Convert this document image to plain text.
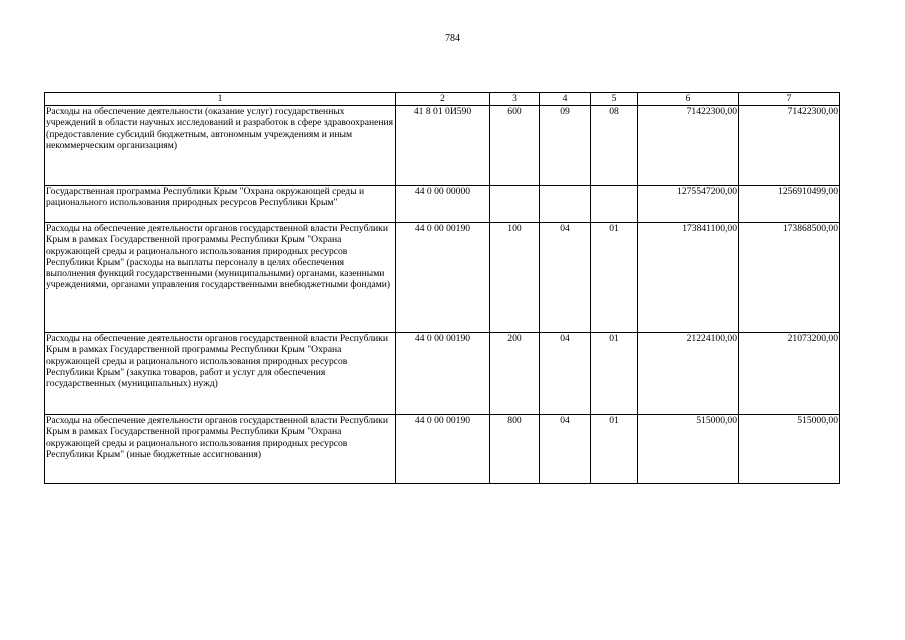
784
1	2	3	4	5	6	7
Расходы на обеспечение деятельности (оказание услуг) государственных учреждений в области научных исследований и разработок в сфере здравоохранения (предоставление субсидий бюджетным, автономным учреждениям и иным некоммерческим организациям)	41 8 01 0И590	600	09	08	71422300,00	71422300,00
Государственная программа Республики Крым "Охрана окружающей среды и рационального использования природных ресурсов Республики Крым"	44 0 00 00000				1275547200,00	1256910499,00
Расходы на обеспечение деятельности органов государственной власти Республики Крым в рамках Государственной программы Республики Крым "Охрана окружающей среды и рационального использования природных ресурсов Республики Крым" (расходы на выплаты персоналу в целях обеспечения выполнения функций государственными (муниципальными) органами, казенными учреждениями, органами управления государственными внебюджетными фондами)	44 0 00 00190	100	04	01	173841100,00	173868500,00
Расходы на обеспечение деятельности органов государственной власти Республики Крым в рамках Государственной программы Республики Крым "Охрана окружающей среды и рационального использования природных ресурсов Республики Крым" (закупка товаров, работ и услуг для обеспечения государственных (муниципальных) нужд)	44 0 00 00190	200	04	01	21224100,00	21073200,00
Расходы на обеспечение деятельности органов государственной власти Республики Крым в рамках Государственной программы Республики Крым "Охрана окружающей среды и рационального использования природных ресурсов Республики Крым" (иные бюджетные ассигнования)	44 0 00 00190	800	04	01	515000,00	515000,00
